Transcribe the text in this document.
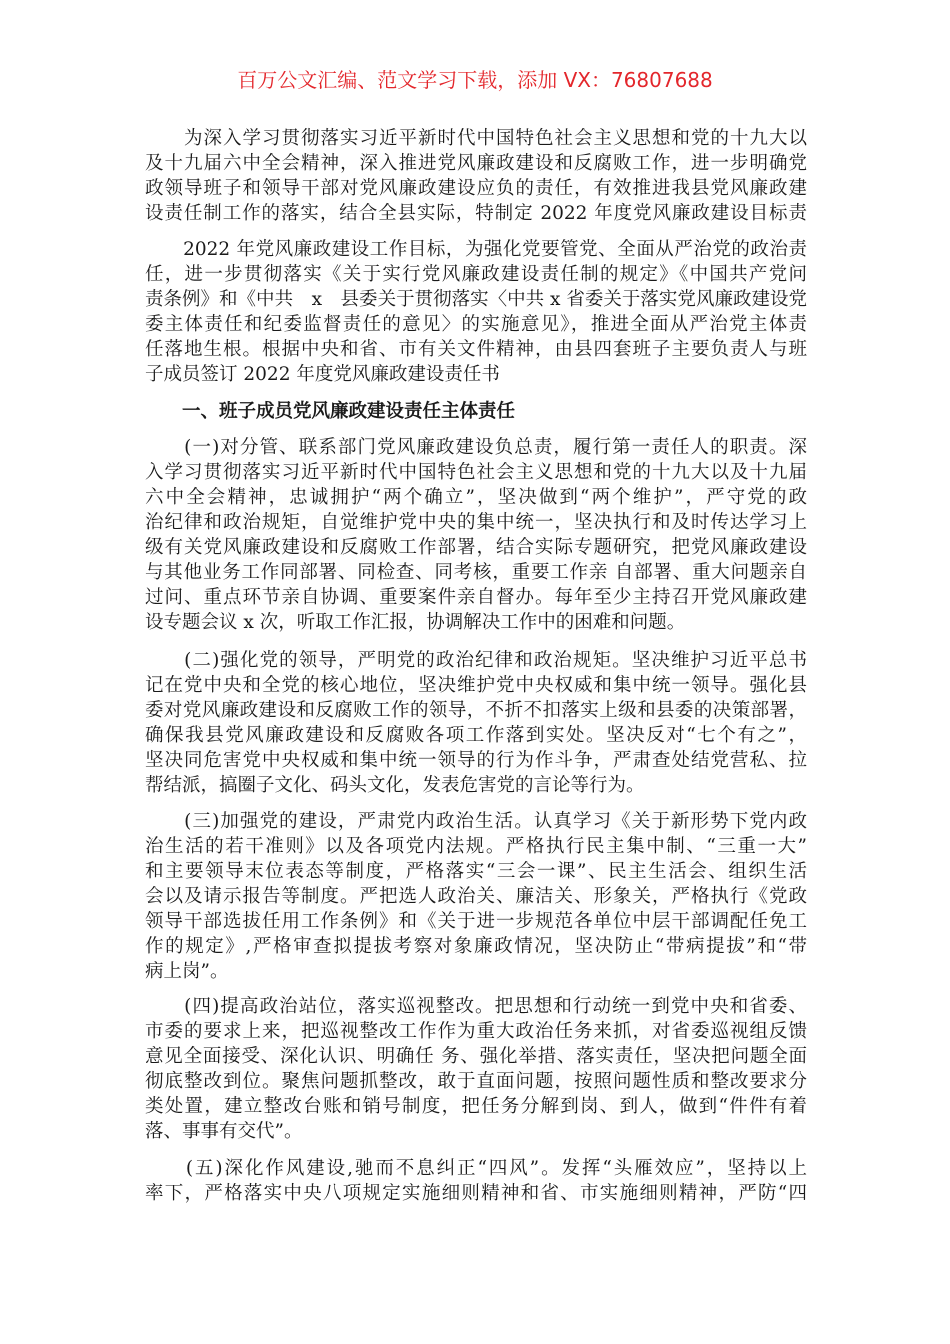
百万公文汇编、范文学习下载，添加 VX：76807688
　　为深入学习贯彻落实习近平新时代中国特色社会主义思想和党的十九大以
及十九届六中全会精神，深入推进党风廉政建设和反腐败工作，进一步明确党
政领导班子和领导干部对党风廉政建设应负的责任，有效推进我县党风廉政建
设责任制工作的落实，结合全县实际，特制定 2022 年度党风廉政建设目标责
　　2022 年党风廉政建设工作目标，为强化党要管党、全面从严治党的政治责
任，进一步贯彻落实《关于实行党风廉政建设责任制的规定》《中国共产党问
责条例》和《中共　x　县委关于贯彻落实〈中共 x 省委关于落实党风廉政建设党
委主体责任和纪委监督责任的意见〉的实施意见》，推进全面从严治党主体责
任落地生根。根据中央和省、市有关文件精神，由县四套班子主要负责人与班
子成员签订 2022 年度党风廉政建设责任书
　　一、班子成员党风廉政建设责任主体责任
　　(一)对分管、联系部门党风廉政建设负总责，履行第一责任人的职责。深
入学习贯彻落实习近平新时代中国特色社会主义思想和党的十九大以及十九届
六中全会精神，忠诚拥护“两个确立”，坚决做到“两个维护”，严守党的政
治纪律和政治规矩，自觉维护党中央的集中统一，坚决执行和及时传达学习上
级有关党风廉政建设和反腐败工作部署，结合实际专题研究，把党风廉政建设
与其他业务工作同部署、同检查、同考核，重要工作亲 自部署、重大问题亲自
过问、重点环节亲自协调、重要案件亲自督办。每年至少主持召开党风廉政建
设专题会议 x 次，听取工作汇报，协调解决工作中的困难和问题。
　　(二)强化党的领导，严明党的政治纪律和政治规矩。坚决维护习近平总书
记在党中央和全党的核心地位，坚决维护党中央权威和集中统一领导。强化县
委对党风廉政建设和反腐败工作的领导，不折不扣落实上级和县委的决策部署，
确保我县党风廉政建设和反腐败各项工作落到实处。坚决反对“七个有之”，
坚决同危害党中央权威和集中统一领导的行为作斗争，严肃查处结党营私、拉
帮结派，搞圈子文化、码头文化，发表危害党的言论等行为。
　　(三)加强党的建设，严肃党内政治生活。认真学习《关于新形势下党内政
治生活的若干准则》以及各项党内法规。严格执行民主集中制、“三重一大”
和主要领导末位表态等制度，严格落实“三会一课”、民主生活会、组织生活
会以及请示报告等制度。严把选人政治关、廉洁关、形象关，严格执行《党政
领导干部选拔任用工作条例》和《关于进一步规范各单位中层干部调配任免工
作的规定》,严格审查拟提拔考察对象廉政情况，坚决防止“带病提拔”和“带
病上岗”。
　　(四)提高政治站位，落实巡视整改。把思想和行动统一到党中央和省委、
市委的要求上来，把巡视整改工作作为重大政治任务来抓，对省委巡视组反馈
意见全面接受、深化认识、明确任 务、强化举措、落实责任，坚决把问题全面
彻底整改到位。聚焦问题抓整改，敢于直面问题，按照问题性质和整改要求分
类处置，建立整改台账和销号制度，把任务分解到岗、到人，做到“件件有着
落、事事有交代”。
　　(五)深化作风建设,驰而不息纠正“四风”。发挥“头雁效应”，坚持以上
率下，严格落实中央八项规定实施细则精神和省、市实施细则精神，严防“四
